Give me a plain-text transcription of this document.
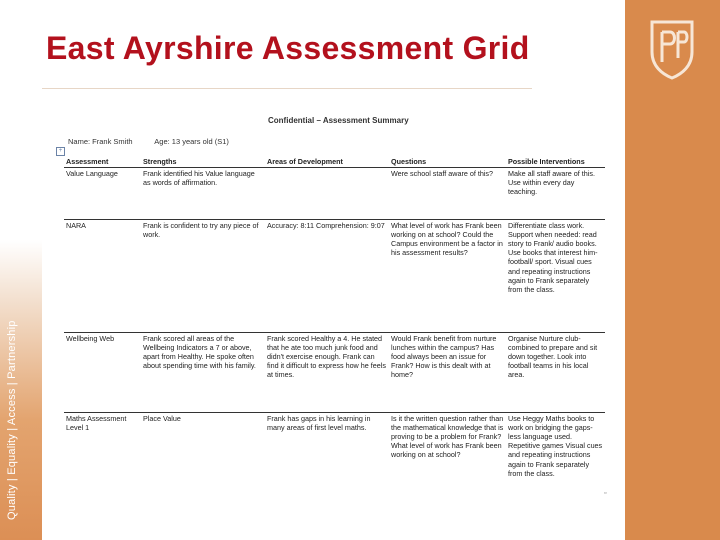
Quality | Equality | Access | Partnership
East Ayrshire Assessment Grid
Confidential – Assessment Summary
Name: Frank Smith	Age: 13 years old (S1)
+
Assessment	Strengths	Areas of Development	Questions	Possible Interventions
Value Language	Frank identified his Value language as words of affirmation.		Were school staff aware of this?	Make all staff aware of this. Use within every day teaching.
NARA	Frank is confident to try any piece of work.	Accuracy: 8:11 Comprehension: 9:07	What level of work has Frank been working on at school? Could the Campus environment be a factor in his assessment results?	Differentiate class work. Support when needed: read story to Frank/ audio books. Use books that interest him- football/ sport. Visual cues and repeating instructions again to Frank separately from the class.
Wellbeing Web	Frank scored all areas of the Wellbeing Indicators a 7 or above, apart from Healthy. He spoke often about spending time with his family.	Frank scored Healthy a 4. He stated that he ate too much junk food and didn't exercise enough. Frank can find it difficult to express how he feels at times.	Would Frank benefit from nurture lunches within the campus? Has food always been an issue for Frank? How is this dealt with at home?	Organise Nurture club- combined to prepare and sit down together. Look into football teams in his local area.
Maths Assessment Level 1	Place Value	Frank has gaps in his learning in many areas of first level maths.	Is it the written question rather than the mathematical knowledge that is proving to be a problem for Frank? What level of work has Frank been working on at school?	Use Heggy Maths books to work on bridging the gaps- less language used. Repetitive games Visual cues and repeating instructions again to Frank separately from the class.
▫
